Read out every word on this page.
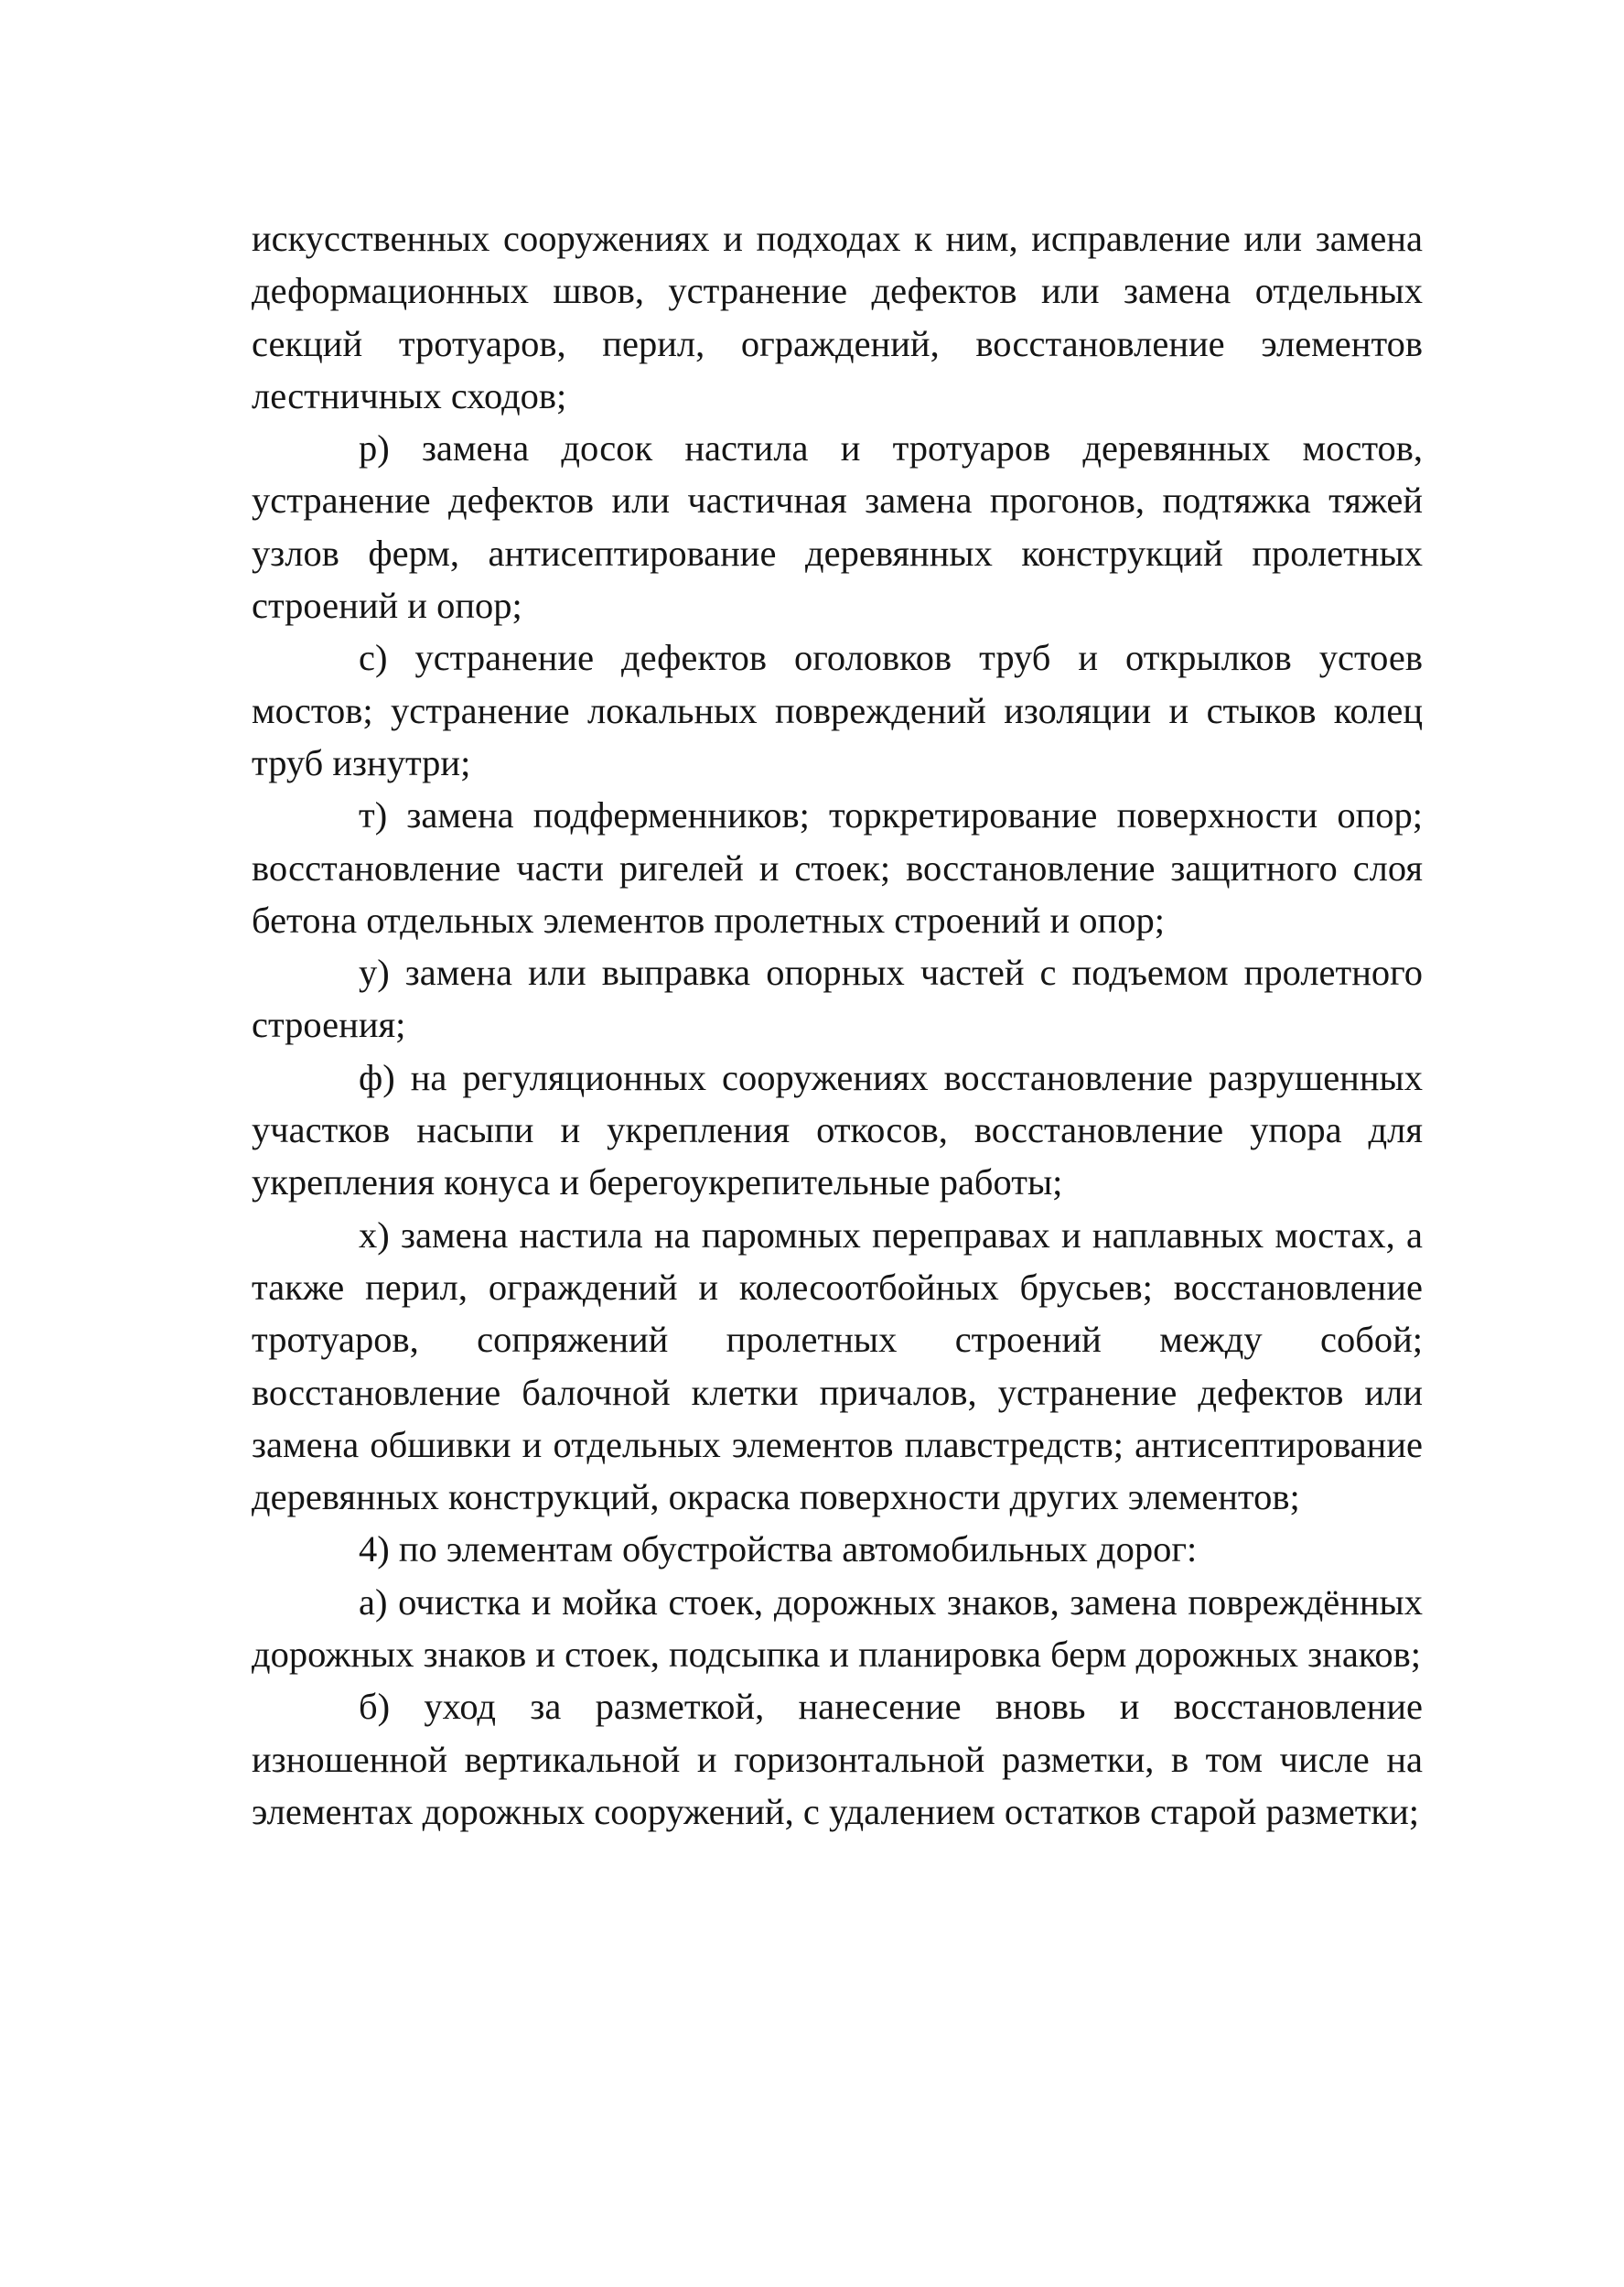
искусственных сооружениях и подходах к ним, исправление или замена деформационных швов, устранение дефектов или замена отдельных секций тротуаров, перил, ограждений, восстановление элементов лестничных сходов;

р) замена досок настила и тротуаров деревянных мостов, устранение дефектов или частичная замена прогонов, подтяжка тяжей узлов ферм, антисептирование деревянных конструкций пролетных строений и опор;

с) устранение дефектов оголовков труб и открылков устоев мостов; устранение локальных повреждений изоляции и стыков колец труб изнутри;

т) замена подферменников; торкретирование поверхности опор; восстановление части ригелей и стоек; восстановление защитного слоя бетона отдельных элементов пролетных строений и опор;

у) замена или выправка опорных частей с подъемом пролетного строения;

ф) на регуляционных сооружениях восстановление разрушенных участков насыпи и укрепления откосов, восстановление упора для укрепления конуса и берегоукрепительные работы;

х) замена настила на паромных переправах и наплавных мостах, а также перил, ограждений и колесоотбойных брусьев; восстановление тротуаров, сопряжений пролетных строений между собой; восстановление балочной клетки причалов, устранение дефектов или замена обшивки и отдельных элементов плавстредств; антисептирование деревянных конструкций, окраска поверхности других элементов;

4) по элементам обустройства автомобильных дорог:

а) очистка и мойка стоек, дорожных знаков, замена повреждённых дорожных знаков и стоек, подсыпка и планировка берм дорожных знаков;

б) уход за разметкой, нанесение вновь и восстановление изношенной вертикальной и горизонтальной разметки, в том числе на элементах дорожных сооружений, с удалением остатков старой разметки;
